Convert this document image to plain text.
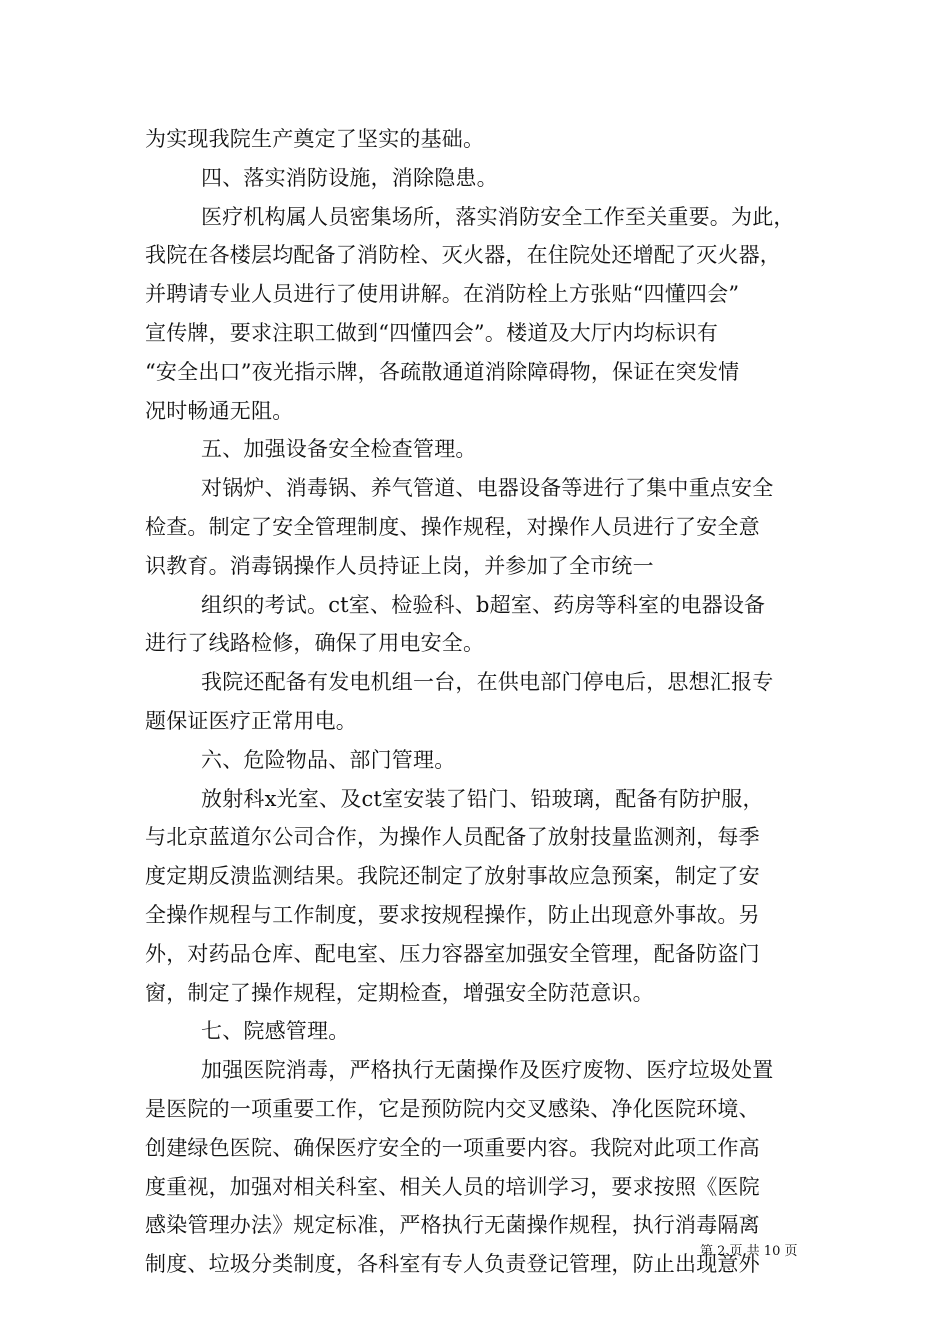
为实现我院生产奠定了坚实的基础。
四、落实消防设施，消除隐患。
医疗机构属人员密集场所，落实消防安全工作至关重要。为此，
我院在各楼层均配备了消防栓、灭火器，在住院处还增配了灭火器，
并聘请专业人员进行了使用讲解。在消防栓上方张贴“四懂四会”
宣传牌，要求注职工做到“四懂四会”。楼道及大厅内均标识有
“安全出口”夜光指示牌，各疏散通道消除障碍物，保证在突发情
况时畅通无阻。
五、加强设备安全检查管理。
对锅炉、消毒锅、养气管道、电器设备等进行了集中重点安全
检查。制定了安全管理制度、操作规程，对操作人员进行了安全意
识教育。消毒锅操作人员持证上岗，并参加了全市统一
组织的考试。ct室、检验科、b超室、药房等科室的电器设备
进行了线路检修，确保了用电安全。
我院还配备有发电机组一台，在供电部门停电后，思想汇报专
题保证医疗正常用电。
六、危险物品、部门管理。
放射科x光室、及ct室安装了铅门、铅玻璃，配备有防护服，
与北京蓝道尔公司合作，为操作人员配备了放射技量监测剂，每季
度定期反溃监测结果。我院还制定了放射事故应急预案，制定了安
全操作规程与工作制度，要求按规程操作，防止出现意外事故。另
外，对药品仓库、配电室、压力容器室加强安全管理，配备防盗门
窗，制定了操作规程，定期检查，增强安全防范意识。
七、院感管理。
加强医院消毒，严格执行无菌操作及医疗废物、医疗垃圾处置
是医院的一项重要工作，它是预防院内交叉感染、净化医院环境、
创建绿色医院、确保医疗安全的一项重要内容。我院对此项工作高
度重视，加强对相关科室、相关人员的培训学习，要求按照《医院
感染管理办法》规定标准，严格执行无菌操作规程，执行消毒隔离
制度、垃圾分类制度，各科室有专人负责登记管理，防止出现意外
第 2 页 共 10 页
